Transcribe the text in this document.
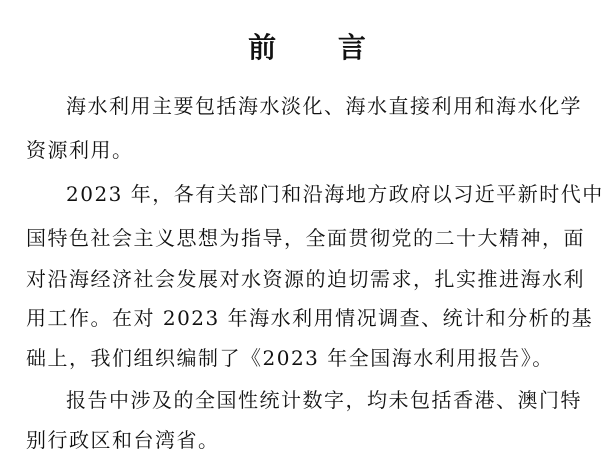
前 言
海水利用主要包括海水淡化、海水直接利用和海水化学
资源利用。
2023 年，各有关部门和沿海地方政府以习近平新时代中
国特色社会主义思想为指导，全面贯彻党的二十大精神，面
对沿海经济社会发展对水资源的迫切需求，扎实推进海水利
用工作。在对 2023 年海水利用情况调查、统计和分析的基
础上，我们组织编制了《2023 年全国海水利用报告》。
报告中涉及的全国性统计数字，均未包括香港、澳门特
别行政区和台湾省。
